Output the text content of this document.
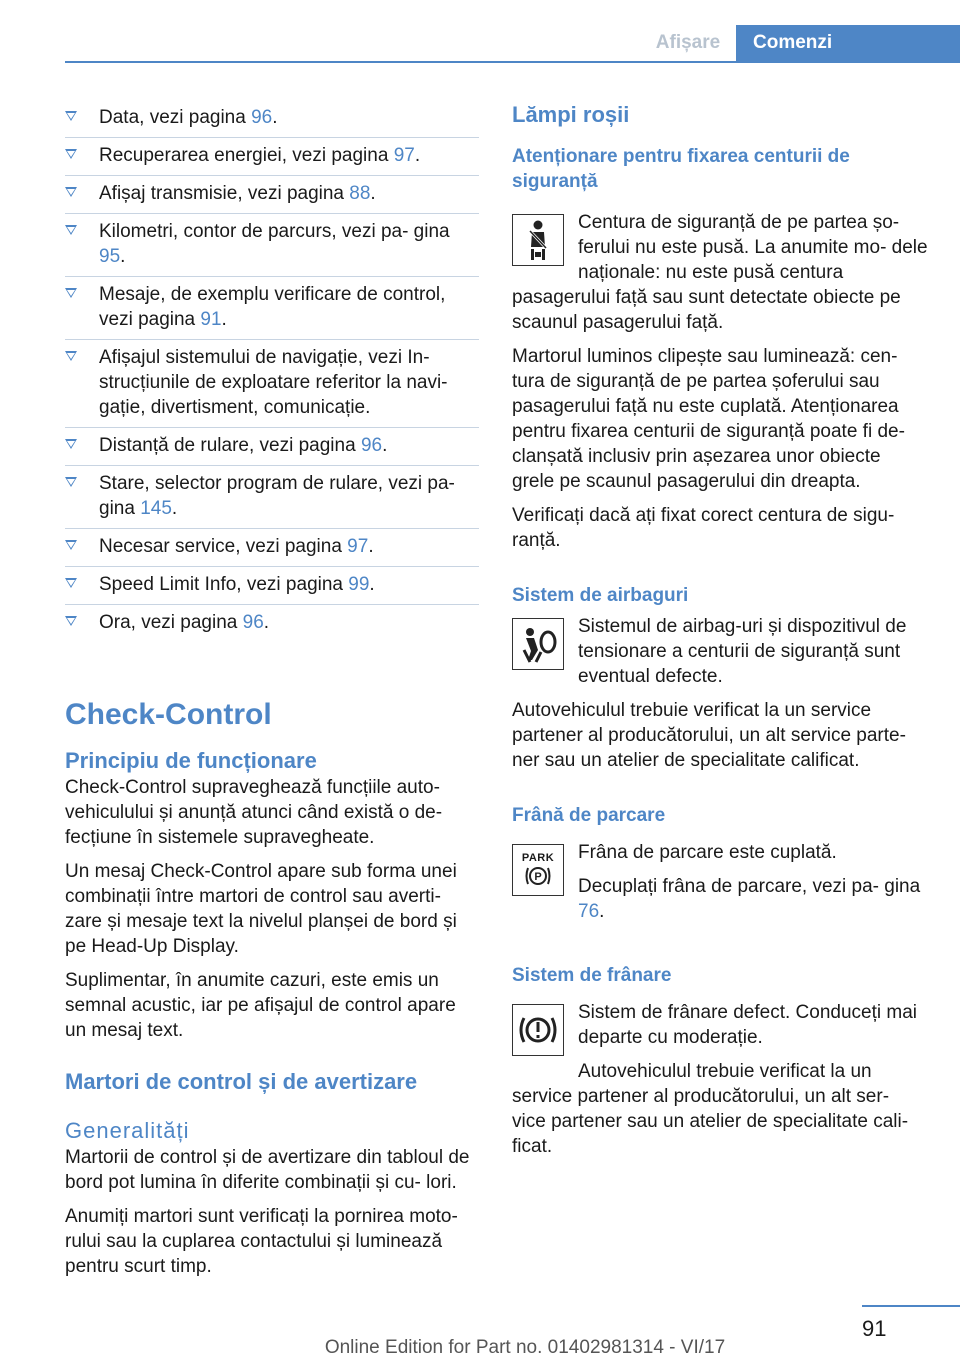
Afișare	Comenzi
Data, vezi pagina 96.
Recuperarea energiei, vezi pagina 97.
Afișaj transmisie, vezi pagina 88.
Kilometri, contor de parcurs, vezi pa‐ gina 95.
Mesaje, de exemplu verificare de control, vezi pagina 91.
Afișajul sistemului de navigație, vezi In‐ strucțiunile de exploatare referitor la navi‐ gație, divertisment, comunicație.
Distanță de rulare, vezi pagina 96.
Stare, selector program de rulare, vezi pa‐ gina 145.
Necesar service, vezi pagina 97.
Speed Limit Info, vezi pagina 99.
Ora, vezi pagina 96.
Check-Control
Principiu de funcționare

Check-Control supraveghează funcțiile auto‐ vehiculului și anunță atunci când există o de‐ fecțiune în sistemele supravegheate.

Un mesaj Check-Control apare sub forma unei combinații între martori de control sau averti‐ zare și mesaje text la nivelul planșei de bord și pe Head-Up Display.

Suplimentar, în anumite cazuri, este emis un semnal acustic, iar pe afișajul de control apare un mesaj text.

Martori de control și de avertizare
Generalități

Martorii de control și de avertizare din tabloul de bord pot lumina în diferite combinații și cu‐ lori.

Anumiți martori sunt verificați la pornirea moto‐ rului sau la cuplarea contactului și luminează pentru scurt timp.

Lămpi roșii
Atenționare pentru fixarea centurii de siguranță

Centura de siguranță de pe partea șo‐ ferului nu este pusă. La anumite mo‐ dele naționale: nu este pusă centura pasagerului față sau sunt detectate obiecte pe scaunul pasagerului față.

Martorul luminos clipește sau luminează: cen‐ tura de siguranță de pe partea șoferului sau pasagerului față nu este cuplată. Atenționarea pentru fixarea centurii de siguranță poate fi de‐ clanșată inclusiv prin așezarea unor obiecte grele pe scaunul pasagerului din dreapta.

Verificați dacă ați fixat corect centura de sigu‐ ranță.

Sistem de airbaguri

Sistemul de airbag-uri și dispozitivul de tensionare a centurii de siguranță sunt eventual defecte.

Autovehiculul trebuie verificat la un service partener al producătorului, un alt service parte‐ ner sau un atelier de specialitate calificat.

Frână de parcare
PARK
P

Frâna de parcare este cuplată.

Decuplați frâna de parcare, vezi pa‐ gina 76.

Sistem de frânare

Sistem de frânare defect. Conduceți mai departe cu moderație.

Autovehiculul trebuie verificat la un service partener al producătorului, un alt ser‐ vice partener sau un atelier de specialitate cali‐ ficat.

91
Online Edition for Part no. 01402981314 - VI/17
